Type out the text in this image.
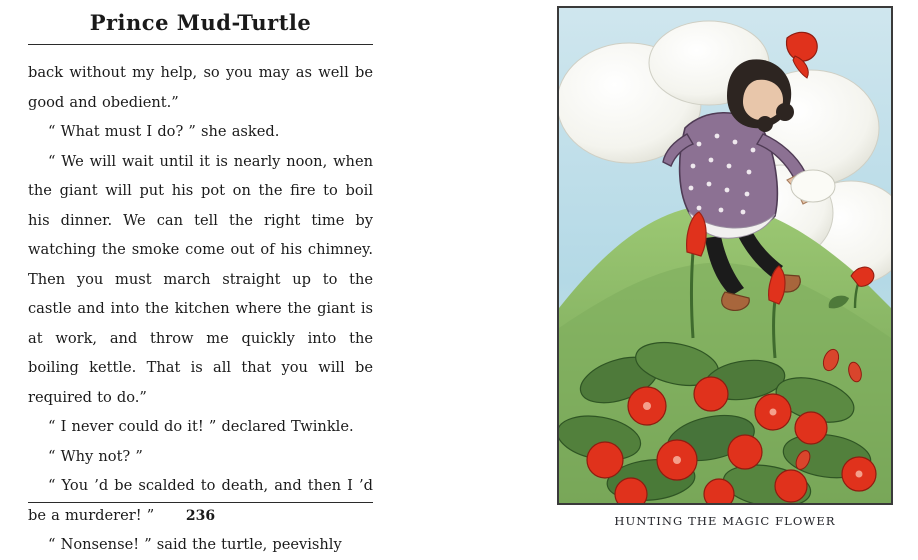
Prince Mud-Turtle

back without my help, so you may as well be good and obedient.”

“ What must I do? ” she asked.

“ We will wait until it is nearly noon, when the giant will put his pot on the fire to boil his dinner. We can tell the right time by watching the smoke come out of his chimney. Then you must march straight up to the castle and into the kitchen where the giant is at work, and throw me quickly into the boiling kettle. That is all that you will be required to do.”

“ I never could do it! ” declared Twinkle.

“ Why not? ”

“ You ’d be scalded to death, and then I ’d be a murderer! ”

“ Nonsense! ” said the turtle, peevishly

236	HUNTING THE MAGIC FLOWER
